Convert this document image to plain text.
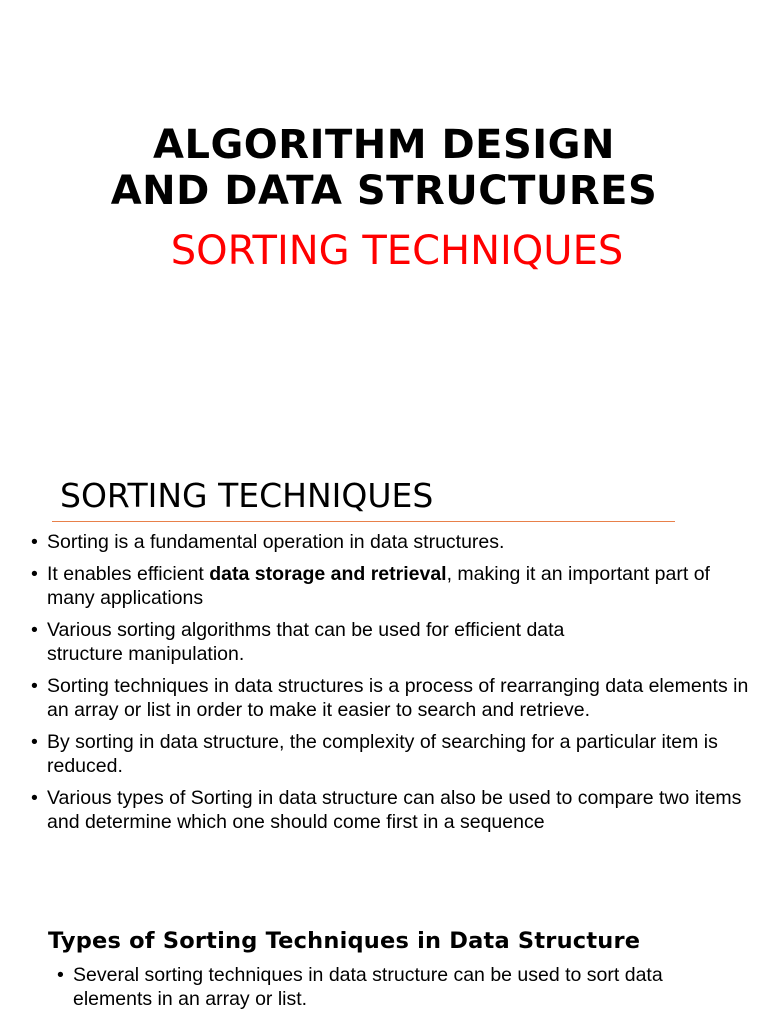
ALGORITHM DESIGN
AND DATA STRUCTURES
SORTING TECHNIQUES
SORTING TECHNIQUES
• Sorting is a fundamental operation in data structures.
• It enables efficient data storage and retrieval, making it an important part of many applications
• Various sorting algorithms that can be used for efficient data structure manipulation.
• Sorting techniques in data structures is a process of rearranging data elements in an array or list in order to make it easier to search and retrieve.
• By sorting in data structure, the complexity of searching for a particular item is reduced.
• Various types of Sorting in data structure can also be used to compare two items and determine which one should come first in a sequence
Types of Sorting Techniques in Data Structure
• Several sorting techniques in data structure can be used to sort data elements in an array or list.
